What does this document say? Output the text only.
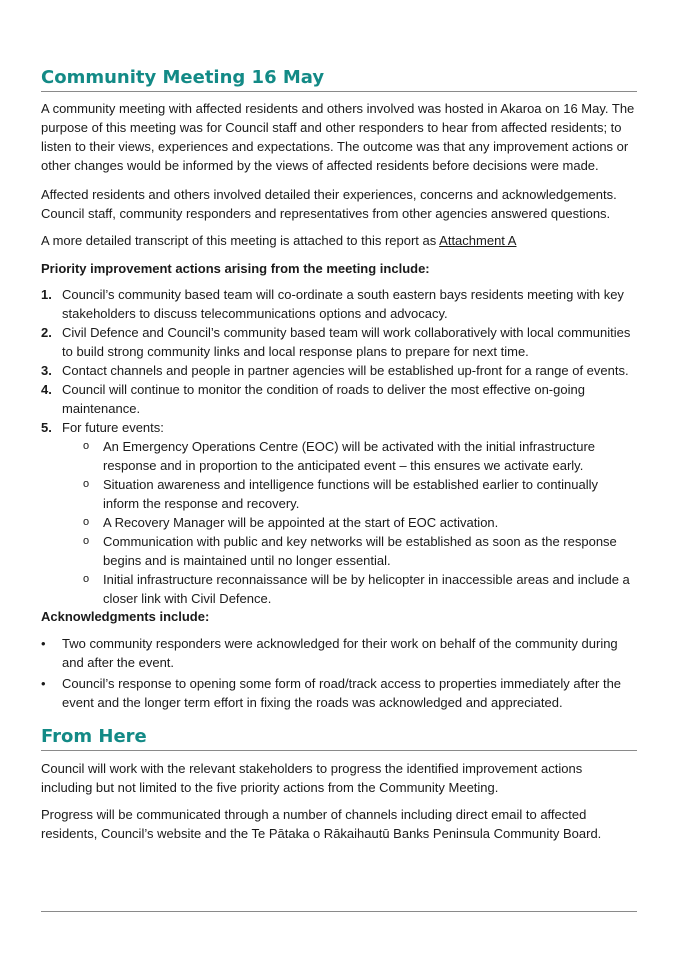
Community Meeting 16 May

A community meeting with affected residents and others involved was hosted in Akaroa on 16 May. The purpose of this meeting was for Council staff and other responders to hear from affected residents; to listen to their views, experiences and expectations. The outcome was that any improvement actions or other changes would be informed by the views of affected residents before decisions were made.

Affected residents and others involved detailed their experiences, concerns and acknowledgements. Council staff, community responders and representatives from other agencies answered questions.

A more detailed transcript of this meeting is attached to this report as Attachment A

Priority improvement actions arising from the meeting include:

1. Council’s community based team will co-ordinate a south eastern bays residents meeting with key stakeholders to discuss telecommunications options and advocacy.
2. Civil Defence and Council’s community based team will work collaboratively with local communities to build strong community links and local response plans to prepare for next time.
3. Contact channels and people in partner agencies will be established up-front for a range of events.
4. Council will continue to monitor the condition of roads to deliver the most effective on-going maintenance.
5. For future events:
o An Emergency Operations Centre (EOC) will be activated with the initial infrastructure response and in proportion to the anticipated event – this ensures we activate early.
o Situation awareness and intelligence functions will be established earlier to continually inform the response and recovery.
o A Recovery Manager will be appointed at the start of EOC activation.
o Communication with public and key networks will be established as soon as the response begins and is maintained until no longer essential.
o Initial infrastructure reconnaissance will be by helicopter in inaccessible areas and include a closer link with Civil Defence.

Acknowledgments include:

• Two community responders were acknowledged for their work on behalf of the community during and after the event.
• Council’s response to opening some form of road/track access to properties immediately after the event and the longer term effort in fixing the roads was acknowledged and appreciated.
From Here

Council will work with the relevant stakeholders to progress the identified improvement actions including but not limited to the five priority actions from the Community Meeting.

Progress will be communicated through a number of channels including direct email to affected residents, Council’s website and the Te Pātaka o Rākaihautū Banks Peninsula Community Board.
